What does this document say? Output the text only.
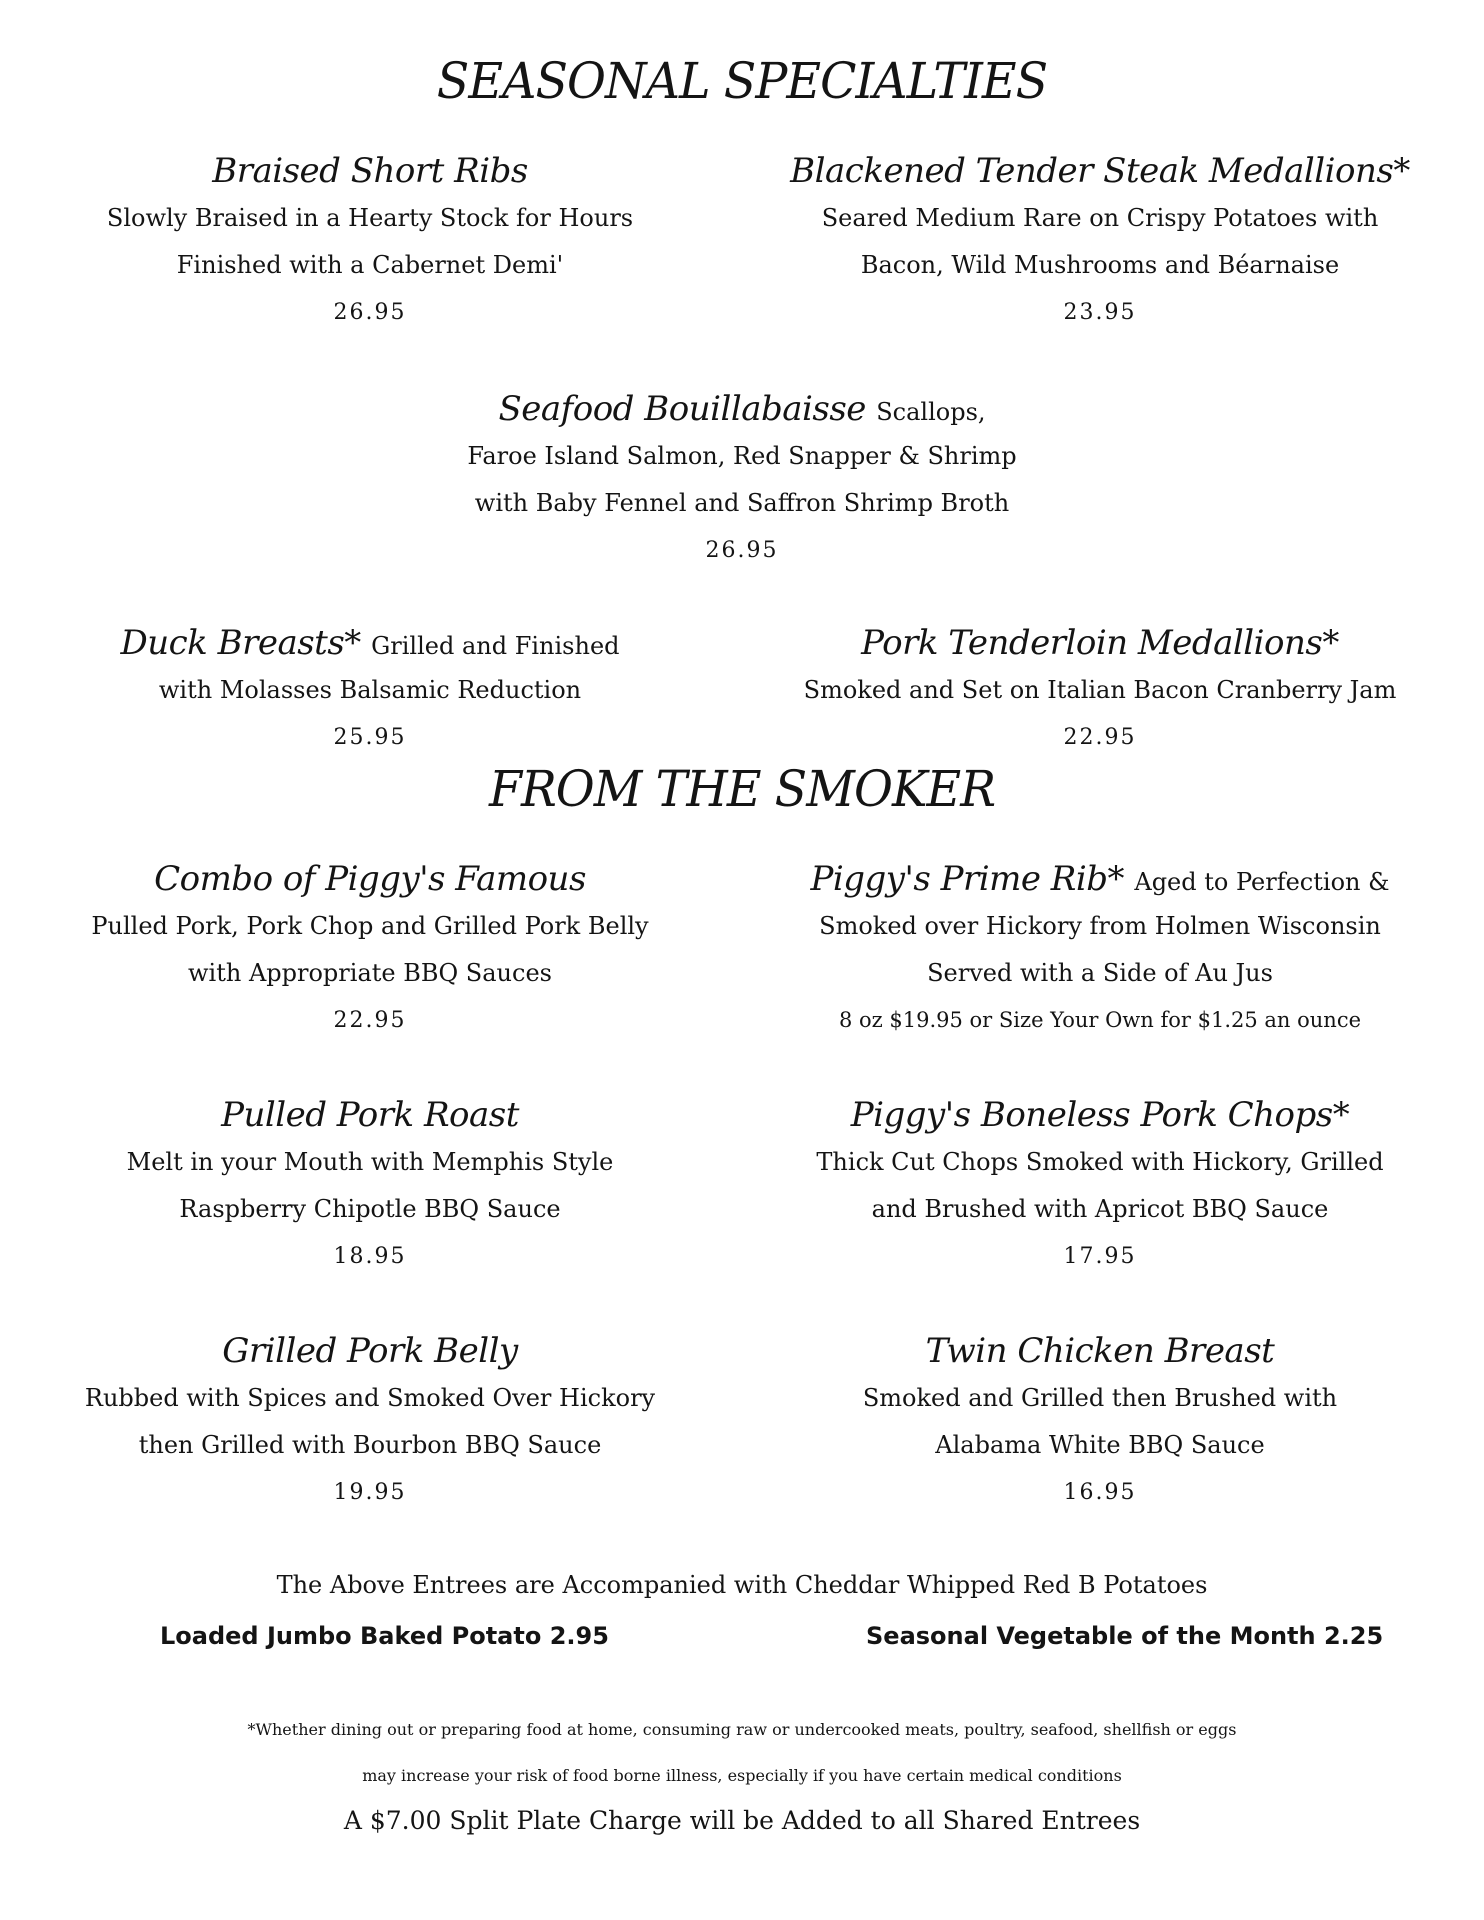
SEASONAL SPECIALTIES
Braised Short Ribs
Slowly Braised in a Hearty Stock for Hours
Finished with a Cabernet Demi'
26.95
Blackened Tender Steak Medallions*
Seared Medium Rare on Crispy Potatoes with
Bacon, Wild Mushrooms and Béarnaise
23.95
Seafood Bouillabaisse Scallops,
Faroe Island Salmon, Red Snapper & Shrimp
with Baby Fennel and Saffron Shrimp Broth
26.95
Duck Breasts* Grilled and Finished
with Molasses Balsamic Reduction
25.95
Pork Tenderloin Medallions*
Smoked and Set on Italian Bacon Cranberry Jam
22.95
FROM THE SMOKER
Combo of Piggy's Famous
Pulled Pork, Pork Chop and Grilled Pork Belly
with Appropriate BBQ Sauces
22.95
Piggy's Prime Rib* Aged to Perfection &
Smoked over Hickory from Holmen Wisconsin
Served with a Side of Au Jus
8 oz $19.95 or Size Your Own for $1.25 an ounce
Pulled Pork Roast
Melt in your Mouth with Memphis Style
Raspberry Chipotle BBQ Sauce
18.95
Piggy's Boneless Pork Chops*
Thick Cut Chops Smoked with Hickory, Grilled
and Brushed with Apricot BBQ Sauce
17.95
Grilled Pork Belly
Rubbed with Spices and Smoked Over Hickory
then Grilled with Bourbon BBQ Sauce
19.95
Twin Chicken Breast
Smoked and Grilled then Brushed with
Alabama White BBQ Sauce
16.95
The Above Entrees are Accompanied with Cheddar Whipped Red B Potatoes
Loaded Jumbo Baked Potato 2.95	Seasonal Vegetable of the Month 2.25
*Whether dining out or preparing food at home, consuming raw or undercooked meats, poultry, seafood, shellfish or eggs
may increase your risk of food borne illness, especially if you have certain medical conditions
A $7.00 Split Plate Charge will be Added to all Shared Entrees
